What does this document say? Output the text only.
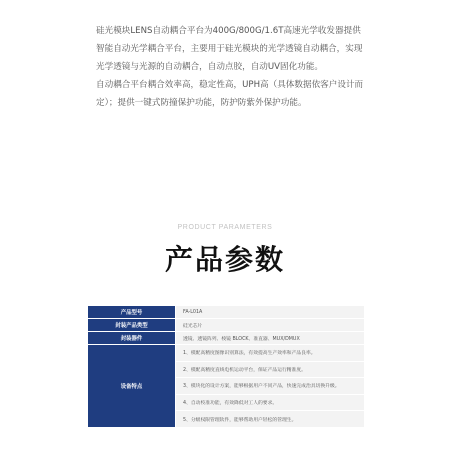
硅光模块LENS自动耦合平台为400G/800G/1.6T高速光学收发器提供智能自动光学耦合平台，主要用于硅光模块的光学透镜自动耦合，实现光学透镜与光源的自动耦合，自动点胶，自动UV固化功能。

自动耦合平台耦合效率高，稳定性高，UPH高（具体数据依客户设计而定）；提供一键式防撞保护功能，防护防紫外保护功能。

PRODUCT PARAMETERS
产品参数
产品型号	FA-L01A
封装产品类型	硅光芯片
封装器件	透镜、透镜阵列、棱镜 BLOCK、准直器、MUX/DMUX
设备特点
1、模配高精度图像识别算法，有效提高生产效率和产品良率。
2、模配高精度直线电机运动平台，保证产品运行精准度。
3、模块化的设计方案，能够根据用户不同产品，快速完成治具切换升级。
4、自动校准功能，有效降低对工人的要求。
5、分级权限管理软件，能够帮助用户轻松的管理生。
